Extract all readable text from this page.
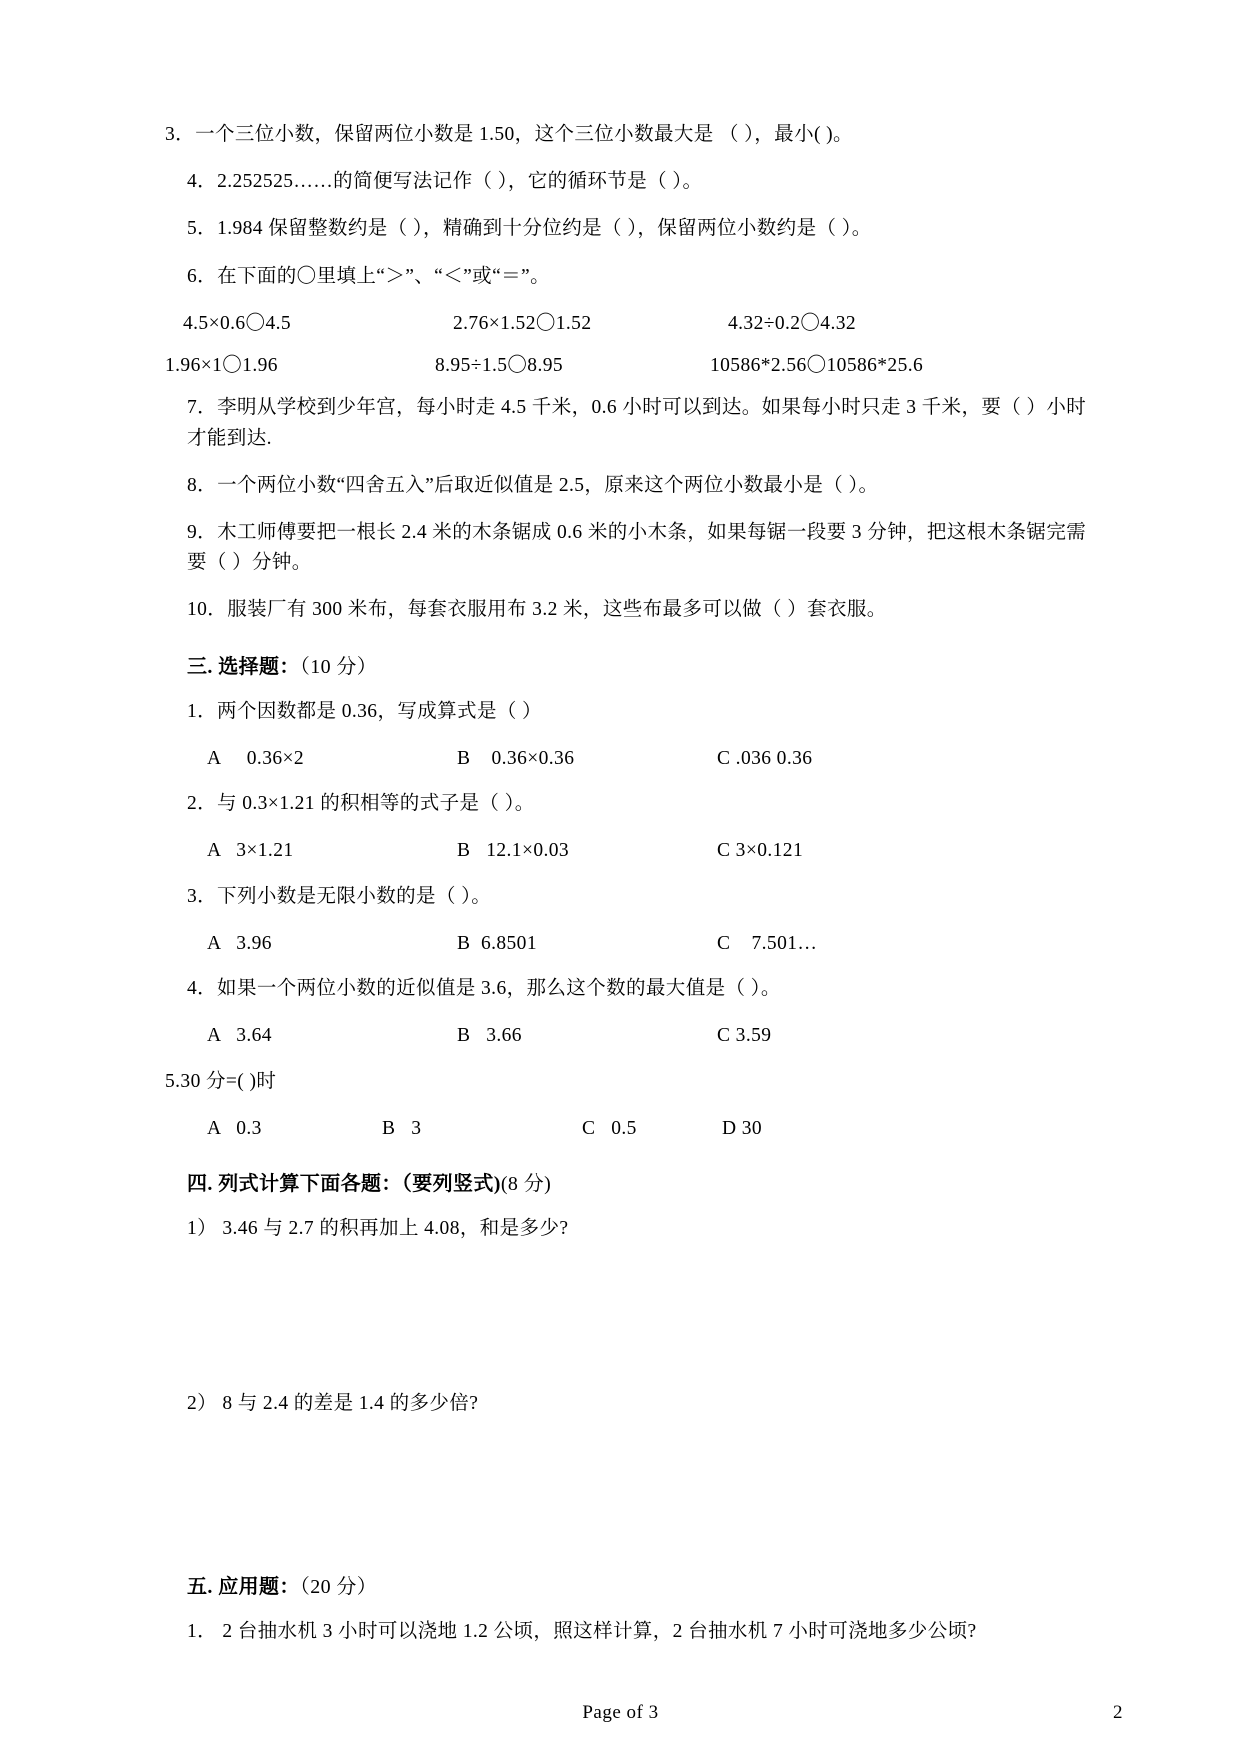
3．一个三位小数，保留两位小数是 1.50，这个三位小数最大是 （ ），最小( )。

4．2.252525……的简便写法记作（ ），它的循环节是（ ）。

5．1.984 保留整数约是（ ），精确到十分位约是（ ），保留两位小数约是（ ）。

6．在下面的〇里填上“＞”、“＜”或“＝”。

4.5×0.6〇4.5	2.76×1.52〇1.52	4.32÷0.2〇4.32
1.96×1〇1.96	8.95÷1.5〇8.95	10586*2.56〇10586*25.6

7．李明从学校到少年宫，每小时走 4.5 千米，0.6 小时可以到达。如果每小时只走 3 千米，要（ ）小时才能到达.

8．一个两位小数“四舍五入”后取近似值是 2.5，原来这个两位小数最小是（ ）。

9．木工师傅要把一根长 2.4 米的木条锯成 0.6 米的小木条，如果每锯一段要 3 分钟，把这根木条锯完需要（ ）分钟。

10．服装厂有 300 米布，每套衣服用布 3.2 米，这些布最多可以做（ ）套衣服。

三. 选择题：（10 分）

1．两个因数都是 0.36，写成算式是（ ）

A     0.36×2	B    0.36×0.36	C .036 0.36

2．与 0.3×1.21 的积相等的式子是（ ）。

A   3×1.21	B   12.1×0.03	C 3×0.121

3．下列小数是无限小数的是（ ）。

A   3.96	B  6.8501	C    7.501…

4．如果一个两位小数的近似值是 3.6，那么这个数的最大值是（ ）。

A   3.64	B   3.66	C 3.59

5.30 分=( )时

A   0.3	B   3	C   0.5	D 30

四. 列式计算下面各题：（要列竖式)(8 分)

1） 3.46 与 2.7 的积再加上 4.08，和是多少?

2） 8 与 2.4 的差是 1.4 的多少倍?

五. 应用题：（20 分）

1． 2 台抽水机 3 小时可以浇地 1.2 公顷，照这样计算，2 台抽水机 7 小时可浇地多少公顷?

Page of 3	2
